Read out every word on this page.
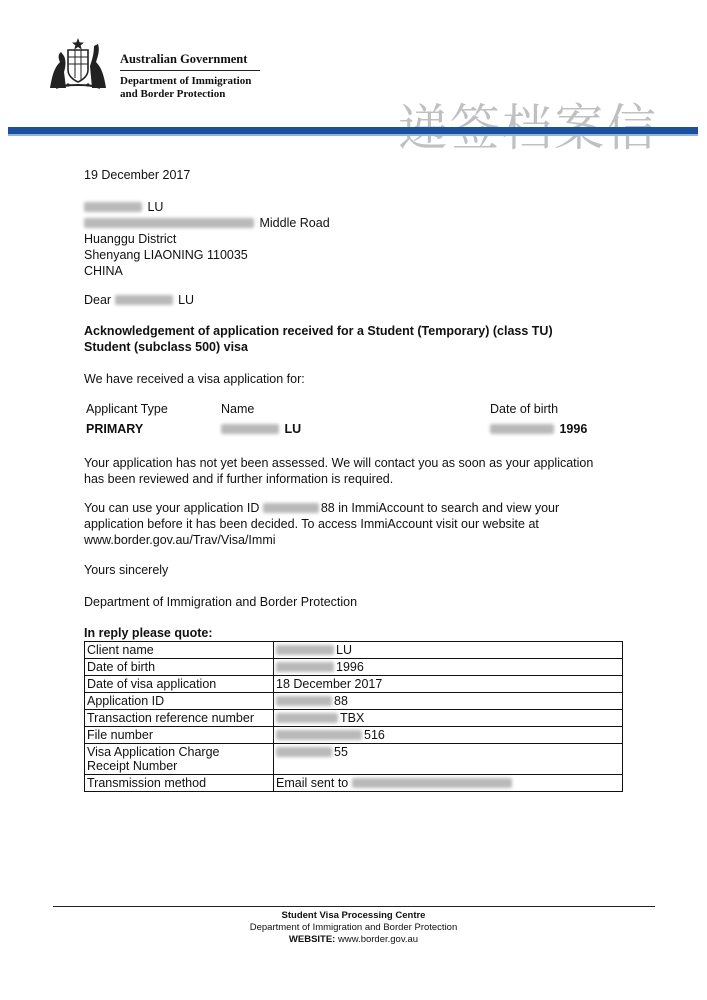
Australian Government
Department of Immigration
and Border Protection
19 December 2017
LU
Middle Road
Huanggu District
Shenyang LIAONING 110035
CHINA
Dear	LU
Acknowledgement of application received for a Student (Temporary) (class TU)
Student (subclass 500) visa
We have received a visa application for:
Applicant Type	Name	Date of birth
PRIMARY	LU	1996
Your application has not yet been assessed. We will contact you as soon as your application
has been reviewed and if further information is required.
You can use your application ID	88 in ImmiAccount to search and view your
application before it has been decided. To access ImmiAccount visit our website at
www.border.gov.au/Trav/Visa/Immi
Yours sincerely
Department of Immigration and Border Protection
In reply please quote:
Client name	LU
Date of birth	1996
Date of visa application	18 December 2017
Application ID	88
Transaction reference number	TBX
File number	516

Visa Application Charge
Receipt Number	55
Transmission method	Email sent to
Student Visa Processing Centre
Department of Immigration and Border Protection
WEBSITE: www.border.gov.au
